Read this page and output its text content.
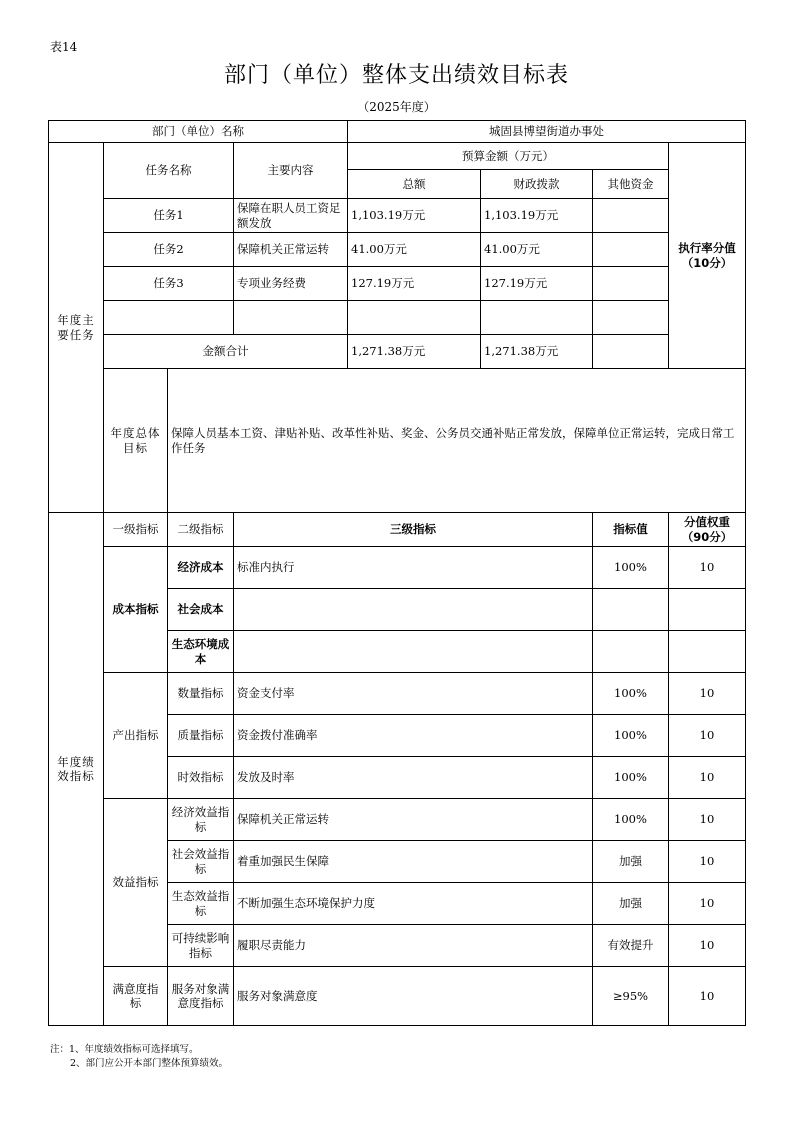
表14
部门（单位）整体支出绩效目标表
（2025年度）
部门（单位）名称				城固县博望街道办事处			
年度主要任务	任务名称		主要内容	预算金额（万元）			执行率分值（10分）
				总额	财政拨款	其他资金	
	任务1		保障在职人员工资足额发放	1,103.19万元	1,103.19万元		
	任务2		保障机关正常运转	41.00万元	41.00万元		
	任务3		专项业务经费	127.19万元	127.19万元		

	金额合计			1,271.38万元	1,271.38万元		
	年度总体目标	保障人员基本工资、津贴补贴、改革性补贴、奖金、公务员交通补贴正常发放，保障单位正常运转，完成日常工作任务					
年度绩效指标	一级指标	二级指标	三级指标			指标值	分值权重（90分）
	成本指标	经济成本	标准内执行			100%	10
		社会成本					
		生态环境成本					
	产出指标	数量指标	资金支付率			100%	10
		质量指标	资金拨付准确率			100%	10
		时效指标	发放及时率			100%	10
	效益指标	经济效益指标	保障机关正常运转			100%	10
		社会效益指标	着重加强民生保障			加强	10
		生态效益指标	不断加强生态环境保护力度			加强	10
		可持续影响指标	履职尽责能力			有效提升	10
	满意度指标	服务对象满意度指标	服务对象满意度			≥95%	10
注：1、年度绩效指标可选择填写。
2、部门应公开本部门整体预算绩效。
